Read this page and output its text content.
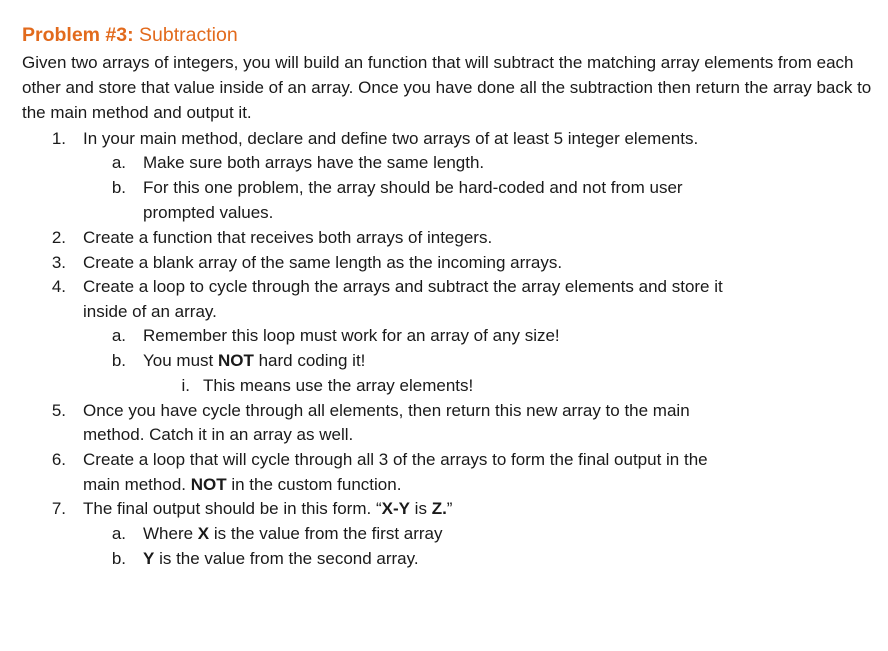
Problem #3: Subtraction

Given two arrays of integers, you will build an function that will subtract the matching array elements from each other and store that value inside of an array. Once you have done all the subtraction then return the array back to the main method and output it.

1. In your main method, declare and define two arrays of at least 5 integer elements.
a. Make sure both arrays have the same length.
b. For this one problem, the array should be hard-coded and not from user
prompted values.
2. Create a function that receives both arrays of integers.
3. Create a blank array of the same length as the incoming arrays.
4. Create a loop to cycle through the arrays and subtract the array elements and store it
inside of an array.
a. Remember this loop must work for an array of any size!
b. You must NOT hard coding it!
i. This means use the array elements!
5. Once you have cycle through all elements, then return this new array to the main
method. Catch it in an array as well.
6. Create a loop that will cycle through all 3 of the arrays to form the final output in the
main method. NOT in the custom function.
7. The final output should be in this form. “X-Y is Z.”
a. Where X is the value from the first array
b. Y is the value from the second array.
